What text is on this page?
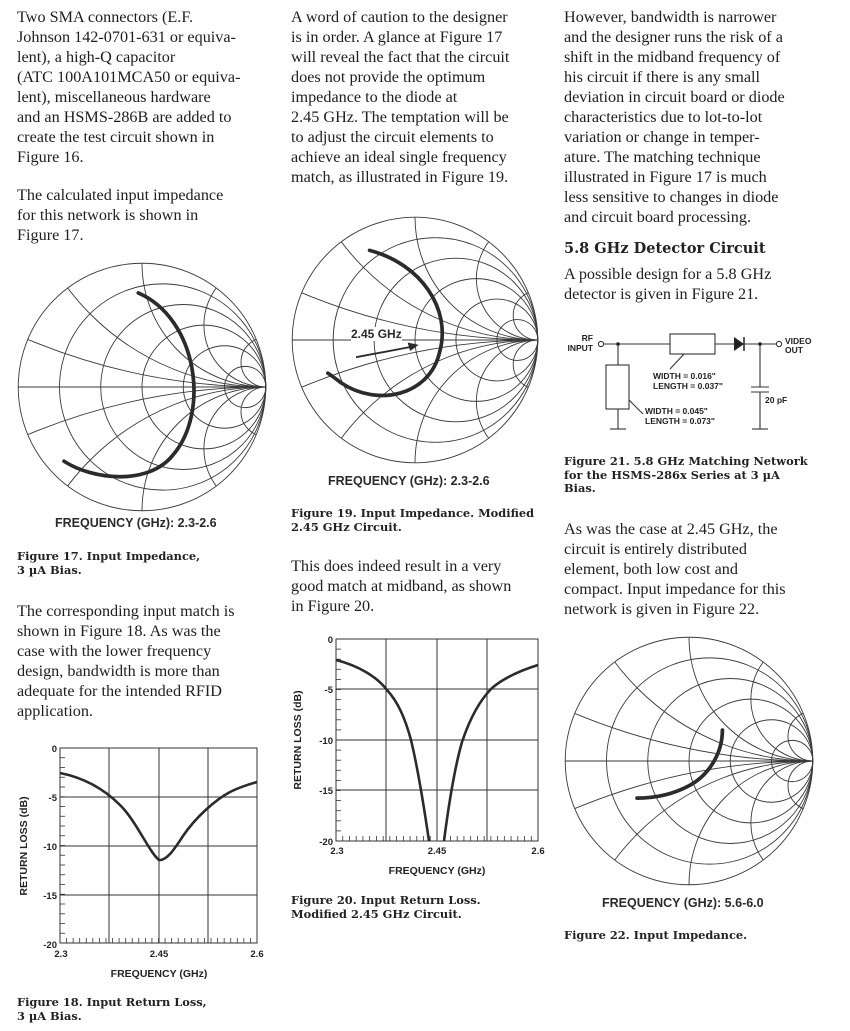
Two SMA connectors (E.F.
Johnson 142-0701-631 or equiva-
lent), a high-Q capacitor
(ATC 100A101MCA50 or equiva-
lent), miscellaneous hardware
and an HSMS-286B are added to
create the test circuit shown in
Figure 16.

The calculated input impedance
for this network is shown in
Figure 17.

FREQUENCY (GHz): 2.3-2.6

Figure 17. Input Impedance,
3 µA Bias.

The corresponding input match is
shown in Figure 18. As was the
case with the lower frequency
design, bandwidth is more than
adequate for the intended RFID
application.

0
-5
-10
-15
-20
2.3	2.45	2.6
FREQUENCY (GHz)
RETURN LOSS (dB)

Figure 18. Input Return Loss,
3 µA Bias.

A word of caution to the designer
is in order. A glance at Figure 17
will reveal the fact that the circuit
does not provide the optimum
impedance to the diode at
2.45 GHz. The temptation will be
to adjust the circuit elements to
achieve an ideal single frequency
match, as illustrated in Figure 19.

2.45 GHz
FREQUENCY (GHz): 2.3-2.6

Figure 19. Input Impedance. Modified
2.45 GHz Circuit.

This does indeed result in a very
good match at midband, as shown
in Figure 20.

0
-5
-10
-15
-20
2.3	2.45	2.6
FREQUENCY (GHz)
RETURN LOSS (dB)

Figure 20. Input Return Loss.
Modified 2.45 GHz Circuit.

However, bandwidth is narrower
and the designer runs the risk of a
shift in the midband frequency of
his circuit if there is any small
deviation in circuit board or diode
characteristics due to lot-to-lot
variation or change in temper-
ature. The matching technique
illustrated in Figure 17 is much
less sensitive to changes in diode
and circuit board processing.

5.8 GHz Detector Circuit

A possible design for a 5.8 GHz
detector is given in Figure 21.

RF
INPUT
VIDEO
OUT
WIDTH = 0.016"
LENGTH = 0.037"
WIDTH = 0.045"
LENGTH = 0.073"
20 pF

Figure 21. 5.8 GHz Matching Network
for the HSMS-286x Series at 3 µA
Bias.

As was the case at 2.45 GHz, the
circuit is entirely distributed
element, both low cost and
compact. Input impedance for this
network is given in Figure 22.

FREQUENCY (GHz): 5.6-6.0

Figure 22. Input Impedance.
